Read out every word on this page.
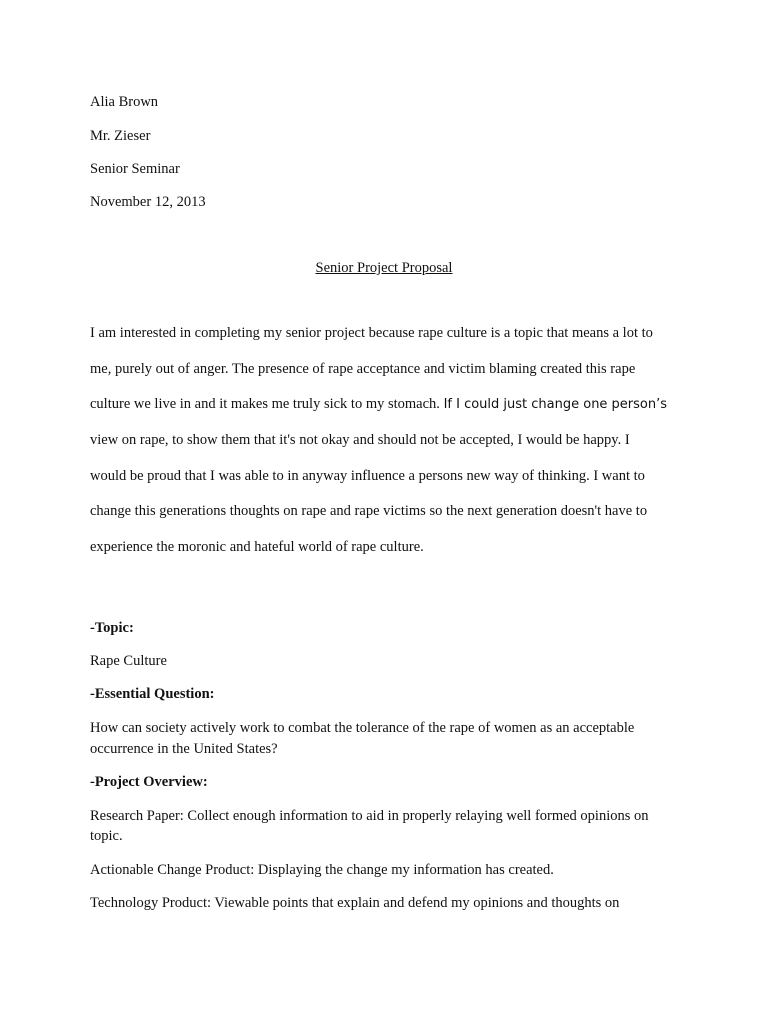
Alia Brown
Mr. Zieser
Senior Seminar
November 12, 2013
Senior Project Proposal
I am interested in completing my senior project because rape culture is a topic that means a lot to
me, purely out of anger. The presence of rape acceptance and victim blaming created this rape
culture we live in and it makes me truly sick to my stomach. If I could just change one person’s
view on rape, to show them that it's not okay and should not be accepted, I would be happy. I
would be proud that I was able to in anyway influence a persons new way of thinking. I want to
change this generations thoughts on rape and rape victims so the next generation doesn't have to
experience the moronic and hateful world of rape culture.
-Topic:
Rape Culture
-Essential Question:
How can society actively work to combat the tolerance of the rape of women as an acceptable
occurrence in the United States?
-Project Overview:
Research Paper: Collect enough information to aid in properly relaying well formed opinions on
topic.
Actionable Change Product: Displaying the change my information has created.
Technology Product: Viewable points that explain and defend my opinions and thoughts on
